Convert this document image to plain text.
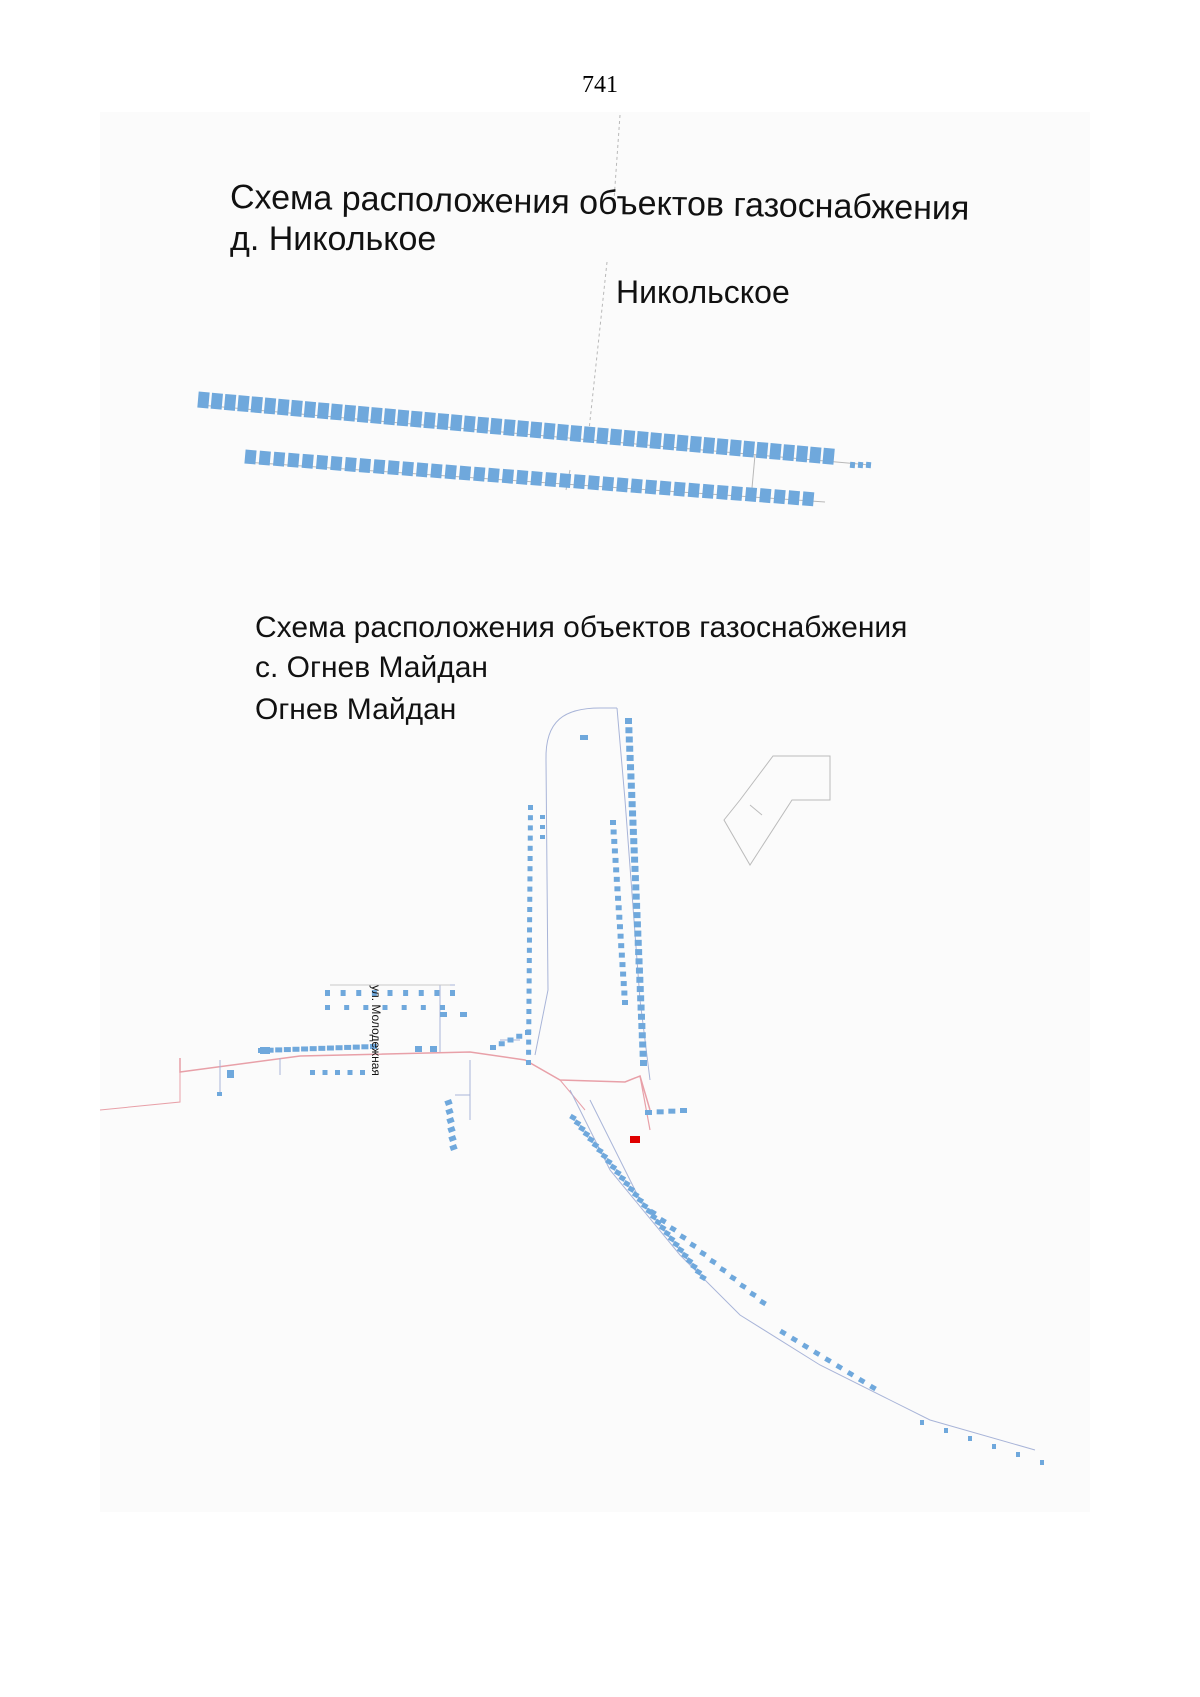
741
ул. Молодежная
Схема расположения объектов газоснабжения
д. Николькое
Никольское
Схема расположения объектов газоснабжения
с. Огнев Майдан
Огнев Майдан
